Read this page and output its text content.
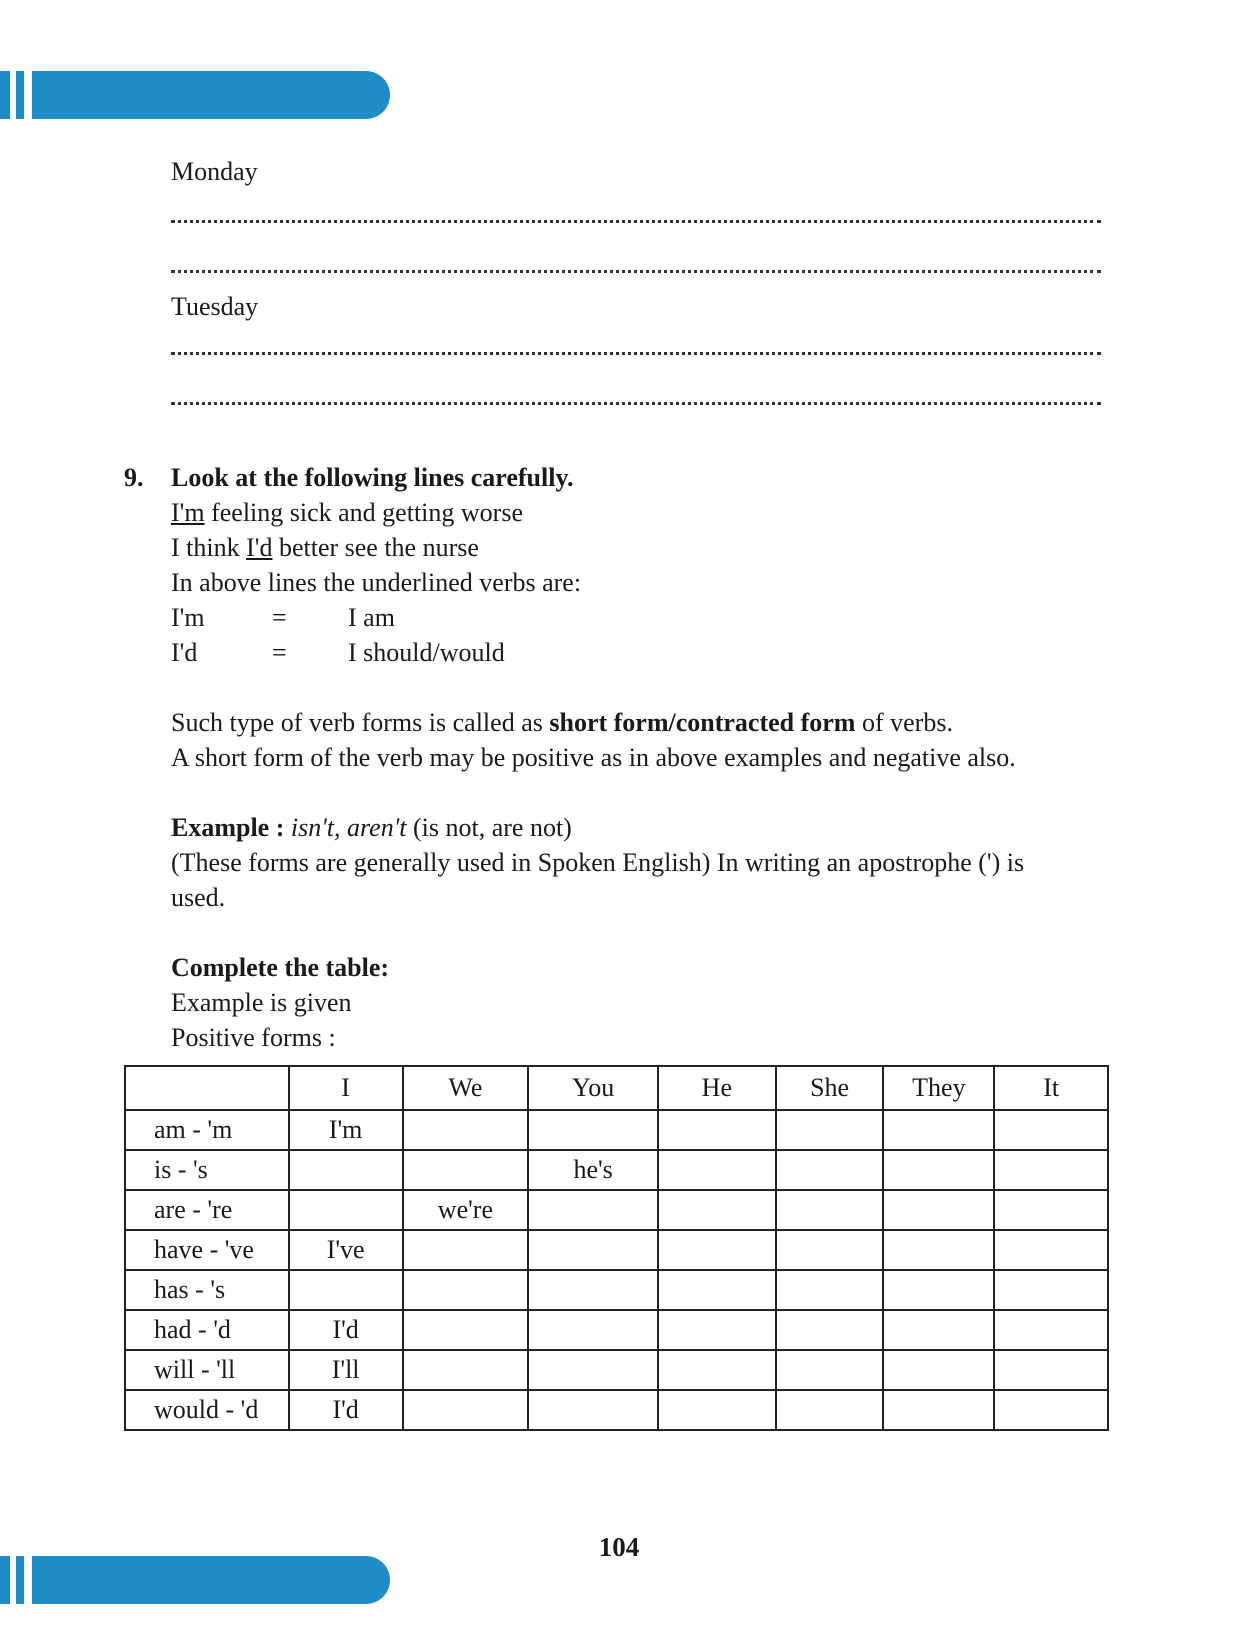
Monday
Tuesday
9. Look at the following lines carefully.
I'm feeling sick and getting worse
I think I'd better see the nurse
In above lines the underlined verbs are:
I'm	= I am
I'd	= I should/would
Such type of verb forms is called as short form/contracted form of verbs.
A short form of the verb may be positive as in above examples and negative also.
Example : isn't, aren't (is not, are not)
(These forms are generally used in Spoken English) In writing an apostrophe (') is
used.
Complete the table:
Example is given
Positive forms :
	I	We	You	He	She	They	It
am - 'm	I'm						
is - 's			he's				
are - 're		we're					
have - 've	I've						
has - 's							
had - 'd	I'd						
will - 'll	I'll						
would - 'd	I'd						
104
